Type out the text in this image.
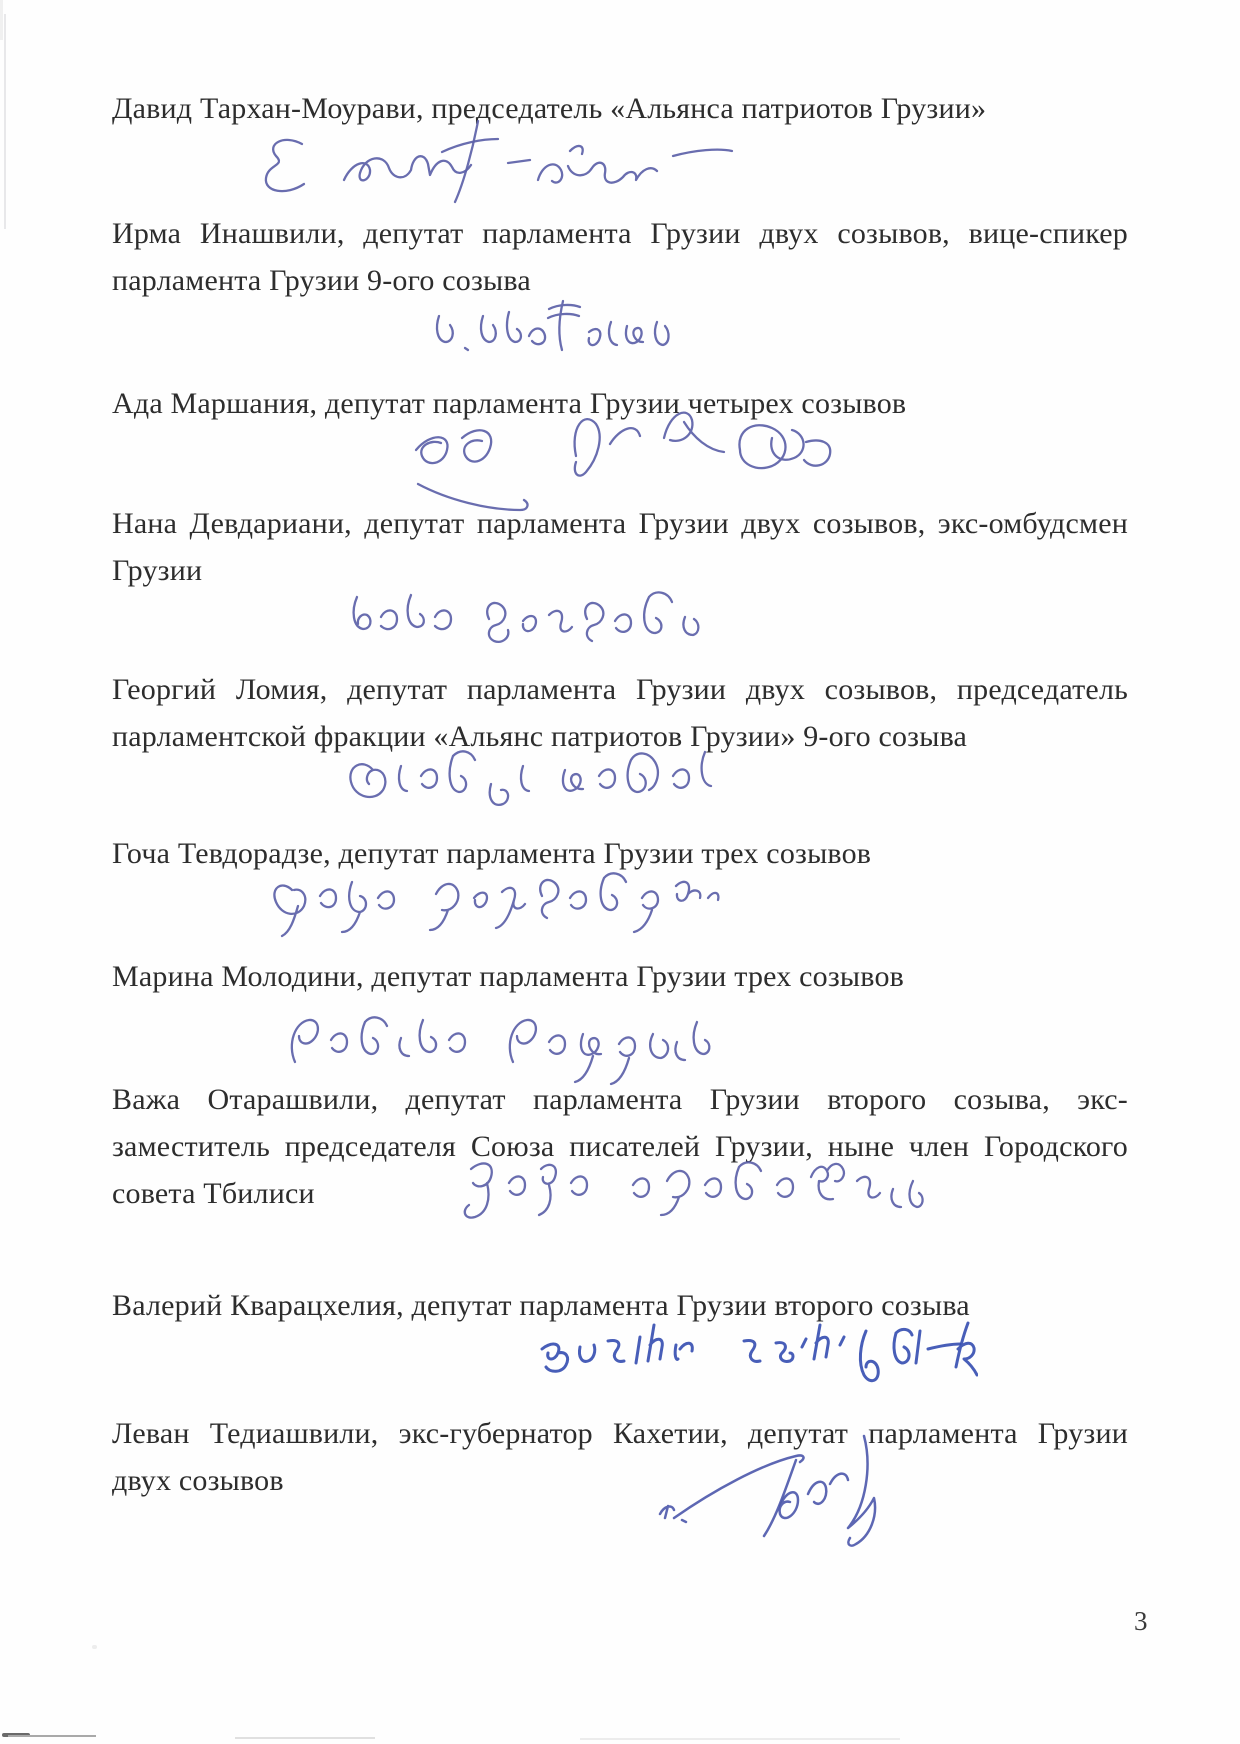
Давид Тархан-Моурави, председатель «Альянса патриотов Грузии»
Ирма Инашвили, депутат парламента Грузии двух созывов, вице-спикер
парламента Грузии 9-ого созыва
Ада Маршания, депутат парламента Грузии четырех созывов
Нана Девдариани, депутат парламента Грузии двух созывов, экс-омбудсмен
Грузии
Георгий Ломия, депутат парламента Грузии двух созывов, председатель
парламентской фракции «Альянс патриотов Грузии» 9-ого созыва
Гоча Тевдорадзе, депутат парламента Грузии трех созывов
Марина Молодини, депутат парламента Грузии трех созывов
Важа Отарашвили, депутат парламента Грузии второго созыва, экс-
заместитель председателя Союза писателей Грузии, ныне член Городского
совета Тбилиси
Валерий Кварацхелия, депутат парламента Грузии второго созыва
Леван Тедиашвили, экс-губернатор Кахетии, депутат парламента Грузии
двух созывов
3
